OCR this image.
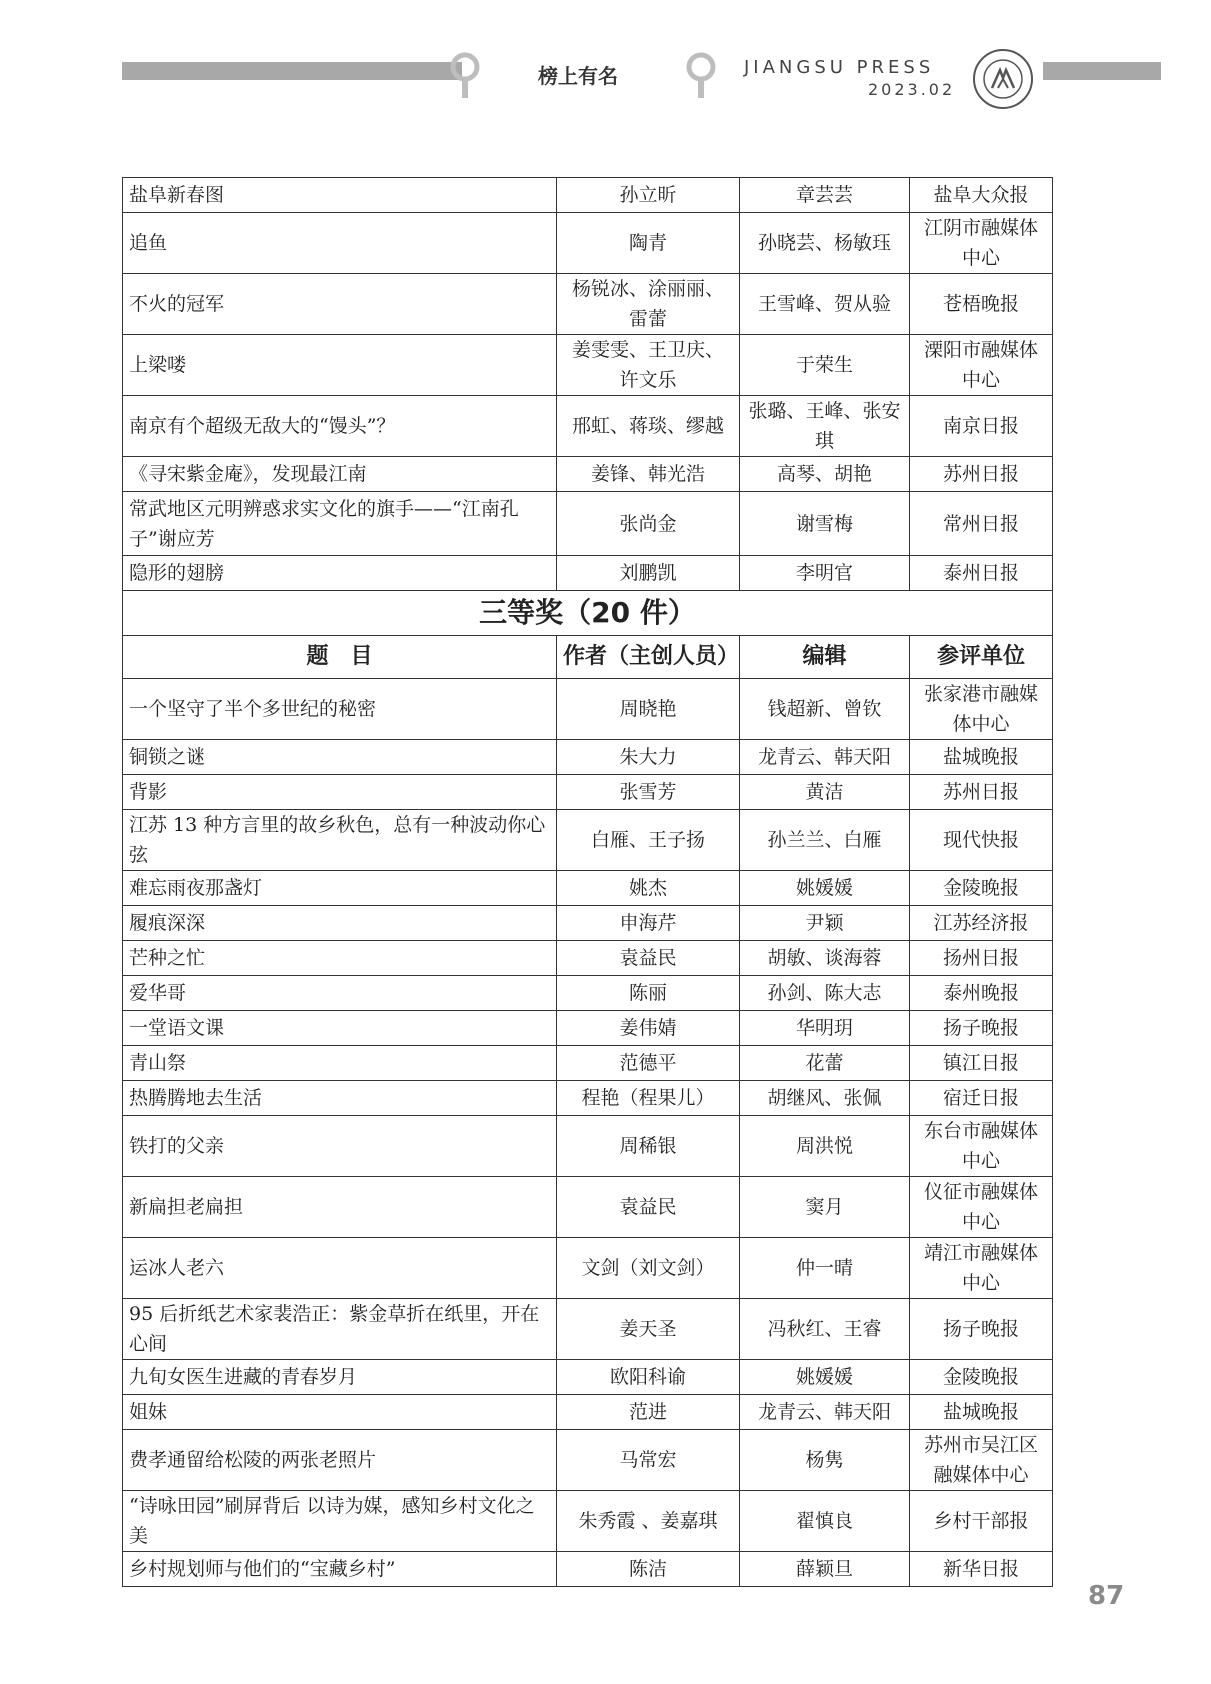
榜上有名	JIANGSU PRESS
2023.02
盐阜新春图	孙立昕	章芸芸	盐阜大众报
追鱼	陶青	孙晓芸、杨敏珏	江阴市融媒体中心
不火的冠军	杨锐冰、涂丽丽、雷蕾	王雪峰、贺从验	苍梧晚报
上梁喽	姜雯雯、王卫庆、许文乐	于荣生	溧阳市融媒体中心
南京有个超级无敌大的“馒头”？	邢虹、蒋琰、缪越	张璐、王峰、张安琪	南京日报
《寻宋紫金庵》，发现最江南	姜锋、韩光浩	高琴、胡艳	苏州日报
常武地区元明辨惑求实文化的旗手——“江南孔子”谢应芳	张尚金	谢雪梅	常州日报
隐形的翅膀	刘鹏凯	李明官	泰州日报
三等奖（20 件）			
题　目	作者（主创人员）	编辑	参评单位
一个坚守了半个多世纪的秘密	周晓艳	钱超新、曾钦	张家港市融媒体中心
铜锁之谜	朱大力	龙青云、韩天阳	盐城晚报
背影	张雪芳	黄洁	苏州日报
江苏 13 种方言里的故乡秋色，总有一种波动你心弦	白雁、王子扬	孙兰兰、白雁	现代快报
难忘雨夜那盏灯	姚杰	姚媛媛	金陵晚报
履痕深深	申海芹	尹颖	江苏经济报
芒种之忙	袁益民	胡敏、谈海蓉	扬州日报
爱华哥	陈丽	孙剑、陈大志	泰州晚报
一堂语文课	姜伟婧	华明玥	扬子晚报
青山祭	范德平	花蕾	镇江日报
热腾腾地去生活	程艳（程果儿）	胡继风、张佩	宿迁日报
铁打的父亲	周稀银	周洪悦	东台市融媒体中心
新扁担老扁担	袁益民	窦月	仪征市融媒体中心
运冰人老六	文剑（刘文剑）	仲一晴	靖江市融媒体中心
95 后折纸艺术家裴浩正：紫金草折在纸里，开在心间	姜天圣	冯秋红、王睿	扬子晚报
九旬女医生进藏的青春岁月	欧阳科谕	姚媛媛	金陵晚报
姐妹	范进	龙青云、韩天阳	盐城晚报
费孝通留给松陵的两张老照片	马常宏	杨隽	苏州市吴江区融媒体中心
“诗咏田园”刷屏背后 以诗为媒，感知乡村文化之美	朱秀霞 、姜嘉琪	翟慎良	乡村干部报
乡村规划师与他们的“宝藏乡村”	陈洁	薛颖旦	新华日报
87
